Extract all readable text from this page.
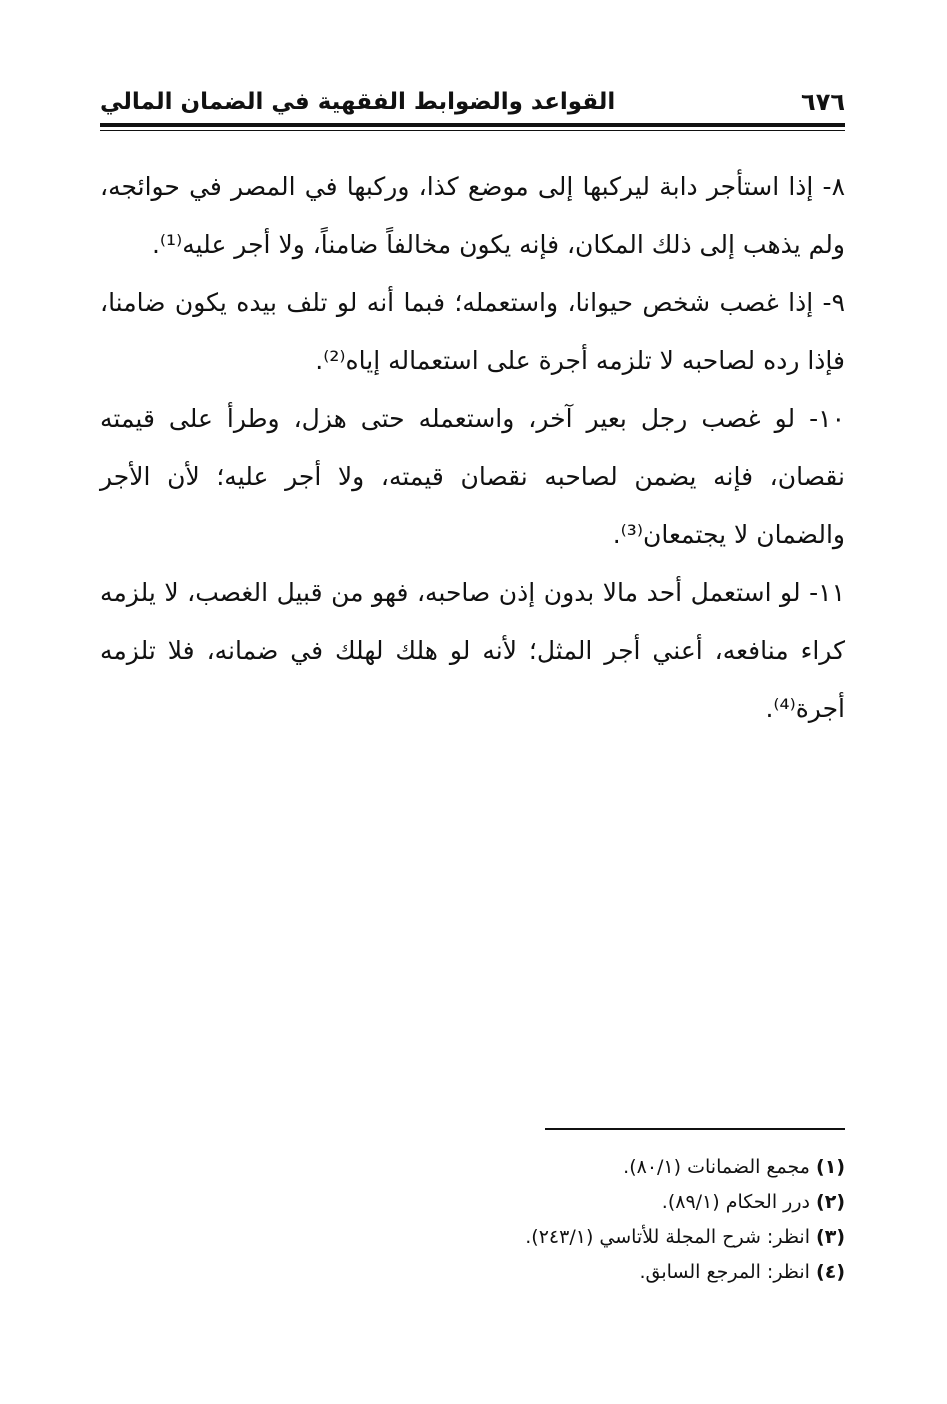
٦٧٦
القواعد والضوابط الفقهية في الضمان المالي

٨- إذا استأجر دابة ليركبها إلى موضع كذا، وركبها في المصر في حوائجه، ولم يذهب إلى ذلك المكان، فإنه يكون مخالفاً ضامناً، ولا أجر عليه⁽¹⁾.

٩- إذا غصب شخص حيوانا، واستعمله؛ فبما أنه لو تلف بيده يكون ضامنا، فإذا رده لصاحبه لا تلزمه أجرة على استعماله إياه⁽²⁾.

١٠- لو غصب رجل بعير آخر، واستعمله حتى هزل، وطرأ على قيمته نقصان، فإنه يضمن لصاحبه نقصان قيمته، ولا أجر عليه؛ لأن الأجر والضمان لا يجتمعان⁽³⁾.

١١- لو استعمل أحد مالا بدون إذن صاحبه، فهو من قبيل الغصب، لا يلزمه كراء منافعه، أعني أجر المثل؛ لأنه لو هلك لهلك في ضمانه، فلا تلزمه أجرة⁽⁴⁾.

(١) مجمع الضمانات (٨٠/١).

(٢) درر الحكام (٨٩/١).

(٣) انظر: شرح المجلة للأتاسي (٢٤٣/١).

(٤) انظر: المرجع السابق.
